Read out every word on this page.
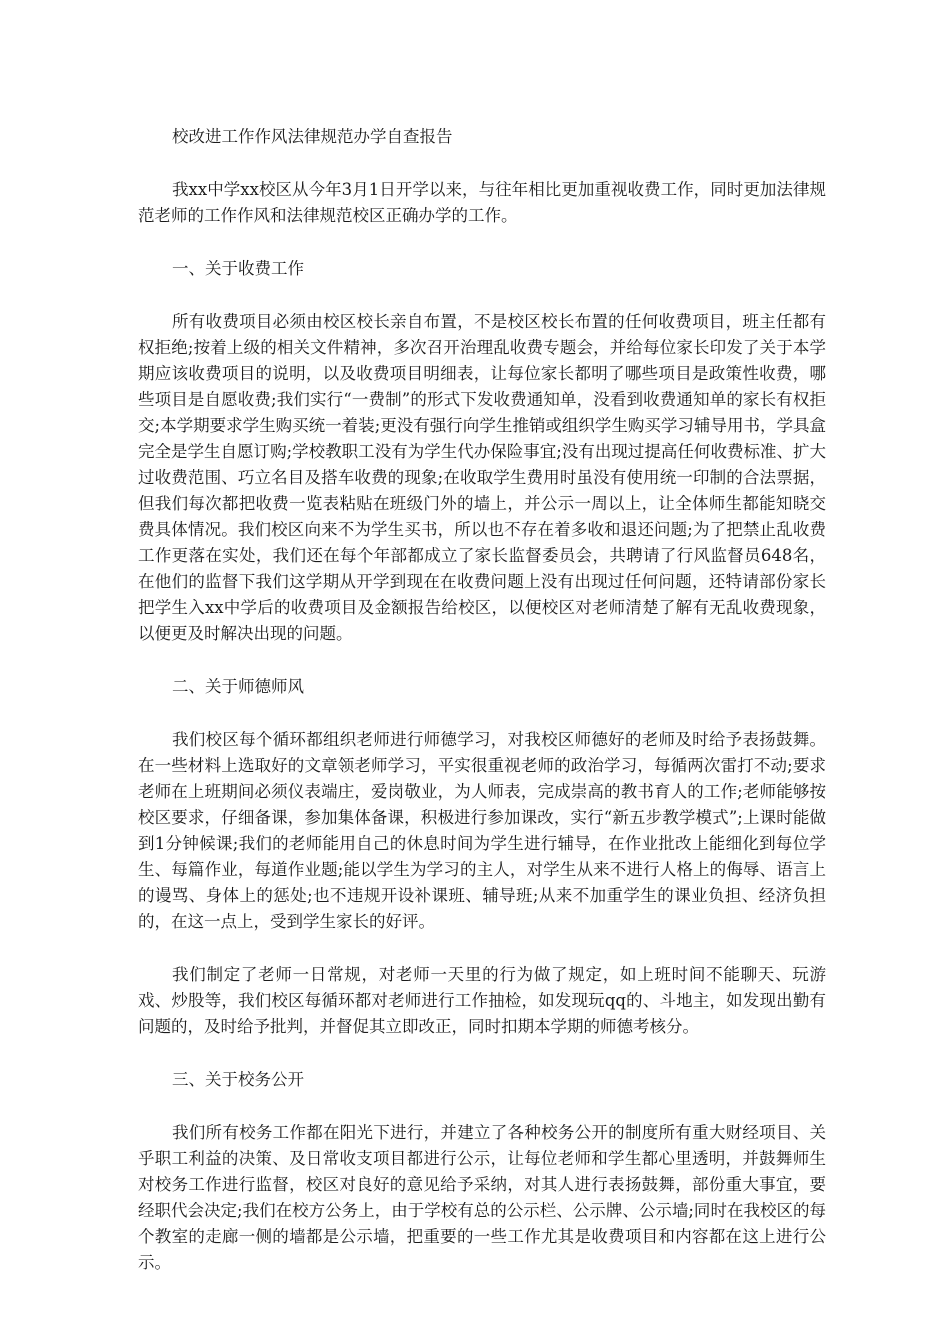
校改进工作作风法律规范办学自查报告

我xx中学xx校区从今年3月1日开学以来，与往年相比更加重视收费工作，同时更加法律规范老师的工作作风和法律规范校区正确办学的工作。

一、关于收费工作

所有收费项目必须由校区校长亲自布置，不是校区校长布置的任何收费项目，班主任都有权拒绝;按着上级的相关文件精神，多次召开治理乱收费专题会，并给每位家长印发了关于本学期应该收费项目的说明，以及收费项目明细表，让每位家长都明了哪些项目是政策性收费，哪些项目是自愿收费;我们实行“一费制”的形式下发收费通知单，没看到收费通知单的家长有权拒交;本学期要求学生购买统一着装;更没有强行向学生推销或组织学生购买学习辅导用书，学具盒完全是学生自愿订购;学校教职工没有为学生代办保险事宜;没有出现过提高任何收费标准、扩大过收费范围、巧立名目及搭车收费的现象;在收取学生费用时虽没有使用统一印制的合法票据，但我们每次都把收费一览表粘贴在班级门外的墙上，并公示一周以上，让全体师生都能知晓交费具体情况。我们校区向来不为学生买书，所以也不存在着多收和退还问题;为了把禁止乱收费工作更落在实处，我们还在每个年部都成立了家长监督委员会，共聘请了行风监督员648名，在他们的监督下我们这学期从开学到现在在收费问题上没有出现过任何问题，还特请部份家长把学生入xx中学后的收费项目及金额报告给校区，以便校区对老师清楚了解有无乱收费现象，以便更及时解决出现的问题。

二、关于师德师风

我们校区每个循环都组织老师进行师德学习，对我校区师德好的老师及时给予表扬鼓舞。在一些材料上选取好的文章领老师学习，平实很重视老师的政治学习，每循两次雷打不动;要求老师在上班期间必须仪表端庄，爱岗敬业，为人师表，完成崇高的教书育人的工作;老师能够按校区要求，仔细备课，参加集体备课，积极进行参加课改，实行“新五步教学模式”;上课时能做到1分钟候课;我们的老师能用自己的休息时间为学生进行辅导，在作业批改上能细化到每位学生、每篇作业，每道作业题;能以学生为学习的主人，对学生从来不进行人格上的侮辱、语言上的谩骂、身体上的惩处;也不违规开设补课班、辅导班;从来不加重学生的课业负担、经济负担的，在这一点上，受到学生家长的好评。

我们制定了老师一日常规，对老师一天里的行为做了规定，如上班时间不能聊天、玩游戏、炒股等，我们校区每循环都对老师进行工作抽检，如发现玩qq的、斗地主，如发现出勤有问题的，及时给予批判，并督促其立即改正，同时扣期本学期的师德考核分。

三、关于校务公开

我们所有校务工作都在阳光下进行，并建立了各种校务公开的制度所有重大财经项目、关乎职工利益的决策、及日常收支项目都进行公示，让每位老师和学生都心里透明，并鼓舞师生对校务工作进行监督，校区对良好的意见给予采纳，对其人进行表扬鼓舞，部份重大事宜，要经职代会决定;我们在校方公务上，由于学校有总的公示栏、公示牌、公示墙;同时在我校区的每个教室的走廊一侧的墙都是公示墙，把重要的一些工作尤其是收费项目和内容都在这上进行公示。
